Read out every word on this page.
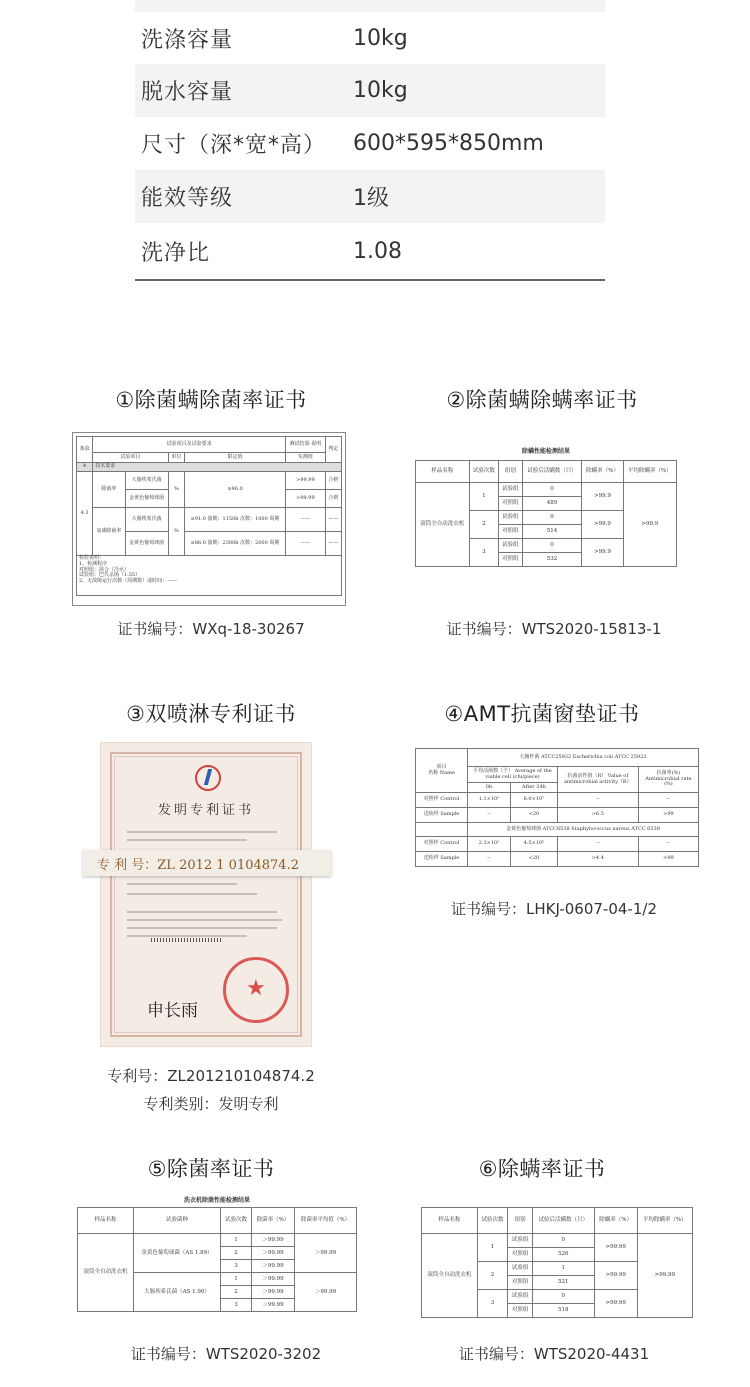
洗涤容量	10kg
脱水容量	10kg
尺寸（深*宽*高）	600*595*850mm
能效等级	1级
洗净比	1.08
①除菌螨除菌率证书
条款	试验项目及试验要求				测试结果-说明	判定
	试验项目		单位	限定值	实测值	
4	技术要求					
4.3	除菌率	大肠埃希氏菌	%	≥96.0	>99.99	合格
		金黄色葡萄球菌			>99.99	合格
	衰减除菌率	大肠埃希氏菌	%	≥91.0 波期：1150h 次数：1000 周期	——	——
		金黄色葡萄球菌		≥86.0 波期：2300h 次数：2000 周期	——	——
检验说明：
1、检测程序
对照组：混合（冷水）
试验组：巴氏杀菌（1:55）
2、无故障运行次数（周期数）或时间：——						
证书编号：WXq-18-30267
②除菌螨除螨率证书
除螨性能检测结果
样品名称	试验次数	组别	试验后活螨数（只）	除螨率（%）	平均除螨率（%）
滚筒全自动洗衣机	1	试验组	0	>99.9	>99.9
		对照组	489		
	2	试验组	0	>99.9	
		对照组	514		
	3	试验组	0	>99.9	
		对照组	532		
证书编号：WTS2020-15813-1
③双喷淋专利证书
发明专利证书
★
申长雨
专 利 号：ZL 2012 1 0104874.2
专利号：ZL201210104874.2
专利类别：发明专利
④AMT抗菌窗垫证书
项目
名称 Name	大肠杆菌 ATCC25922 Escherichia coli ATCC 25922			
	平均活菌数（个） Average of the viable cell (cfu/piece)		抗菌活性值（R） Value of antimicrobial activity（R）	抗菌率(%) Antimicrobial rate (%)
	0h	After 24h		
对照样 Control	1.1×10⁵	6.0×10⁷	--	--
送检样 Sample	--	<20	>6.5	>99
	金黄色葡萄球菌 ATCC6538 Staphylococcus aureus ATCC 6538			
对照样 Control	2.3×10⁵	4.5×10⁵	--	--
送检样 Sample	--	<20	>4.4	>99
证书编号：LHKJ-0607-04-1/2
⑤除菌率证书
洗衣机除菌性能检测结果
样品名称	试验菌种	试验次数	除菌率（%）	除菌率平均值（%）
滚筒全自动洗衣机	金黄色葡萄球菌（AS 1.89）	1	＞99.99	＞99.99
		2	＞99.99	
		3	＞99.99	
	大肠埃希氏菌（AS 1.90）	1	＞99.99	＞99.99
		2	＞99.99	
		3	＞99.99	
证书编号：WTS2020-3202
⑥除螨率证书
样品名称	试验次数	组别	试验后活螨数（只）	除螨率（%）	平均除螨率（%）
滚筒全自动洗衣机	1	试验组	0	>99.99	>99.99
		对照组	526		
	2	试验组	1	>99.99	
		对照组	521		
	3	试验组	0	>99.99	
		对照组	518		
证书编号：WTS2020-4431
